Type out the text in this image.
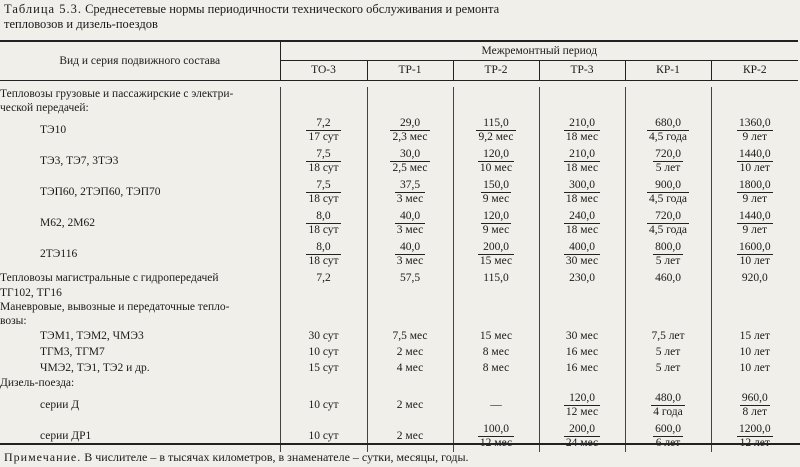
Таблица 5.3. Среднесетевые нормы периодичности технического обслуживания и ремонта тепловозов и дизель-поездов
Вид и серия подвижного состава	Межремонтный период					
	ТО-3	ТР-1	ТР-2	ТР-3	КР-1	КР-2

Тепловозы грузовые и пассажирские с электри-						
ческой передачей:						
ТЭ10	$\frac{7,2}{\text{17 сут}}$	$\frac{29,0}{\text{2,3 мес}}$	$\frac{115,0}{\text{9,2 мес}}$	$\frac{210,0}{\text{18 мес}}$	$\frac{680,0}{\text{4,5 года}}$	$\frac{1360,0}{\text{9 лет}}$

ТЭ3, ТЭ7, 3ТЭ3	$\frac{7,5}{\text{18 сут}}$	$\frac{30,0}{\text{2,5 мес}}$	$\frac{120,0}{\text{10 мес}}$	$\frac{210,0}{\text{18 мес}}$	$\frac{720,0}{\text{5 лет}}$	$\frac{1440,0}{\text{10 лет}}$

ТЭП60, 2ТЭП60, ТЭП70	$\frac{7,5}{\text{18 сут}}$	$\frac{37,5}{\text{3 мес}}$	$\frac{150,0}{\text{9 мес}}$	$\frac{300,0}{\text{18 мес}}$	$\frac{900,0}{\text{4,5 года}}$	$\frac{1800,0}{\text{9 лет}}$

М62, 2М62	$\frac{8,0}{\text{18 сут}}$	$\frac{40,0}{\text{3 мес}}$	$\frac{120,0}{\text{9 мес}}$	$\frac{240,0}{\text{18 мес}}$	$\frac{720,0}{\text{4,5 года}}$	$\frac{1440,0}{\text{9 лет}}$

2ТЭ116	$\frac{8,0}{\text{18 сут}}$	$\frac{40,0}{\text{3 мес}}$	$\frac{200,0}{\text{15 мес}}$	$\frac{400,0}{\text{30 мес}}$	$\frac{800,0}{\text{5 лет}}$	$\frac{1600,0}{\text{10 лет}}$

Тепловозы магистральные с гидропередачей	7,2	57,5	115,0	230,0	460,0	920,0
ТГ102, ТГ16						
Маневровые, вывозные и передаточные тепло-						
возы:						
ТЭМ1, ТЭМ2, ЧМЭ3	30 сут	7,5 мес	15 мес	30 мес	7,5 лет	15 лет
ТГМ3, ТГМ7	10 сут	2 мес	8 мес	16 мес	5 лет	10 лет
ЧМЭ2, ТЭ1, ТЭ2 и др.	15 сут	4 мес	8 мес	16 мес	5 лет	10 лет
Дизель-поезда:						
серии Д	10 сут	2 мес	—	$\frac{120,0}{\text{12 мес}}$	$\frac{480,0}{\text{4 года}}$	$\frac{960,0}{\text{8 лет}}$

серии ДР1	10 сут	2 мес	$\frac{100,0}{\text{12 мес}}$	$\frac{200,0}{\text{24 мес}}$	$\frac{600,0}{\text{6 лет}}$	$\frac{1200,0}{\text{12 лет}}$
Примечание. В числителе – в тысячах километров, в знаменателе – сутки, месяцы, годы.
